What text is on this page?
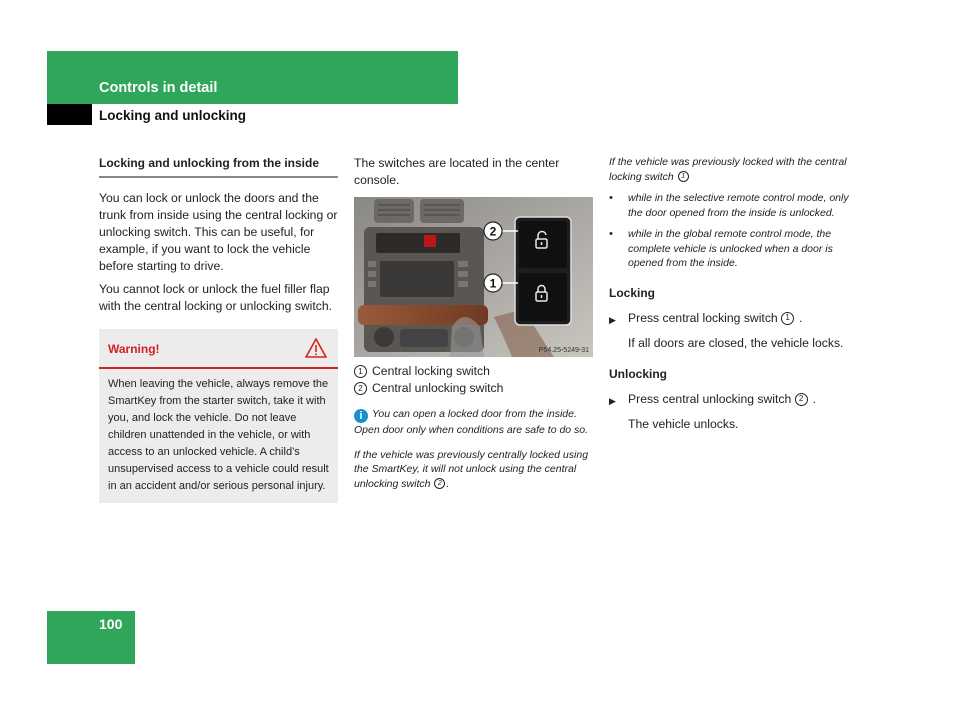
Controls in detail
Locking and unlocking
Locking and unlocking from the inside

You can lock or unlock the doors and the trunk from inside using the central locking or unlocking switch. This can be useful, for example, if you want to lock the vehicle before starting to drive.

You cannot lock or unlock the fuel filler flap with the central locking or unlocking switch.

Warning!
When leaving the vehicle, always remove the SmartKey from the starter switch, take it with you, and lock the vehicle. Do not leave children unattended in the vehicle, or with access to an unlocked vehicle. A child’s unsupervised access to a vehicle could result in an accident and/or serious personal injury.

The switches are located in the center console.

2
1
P54.25-5249-31
1 Central locking switch
2 Central unlocking switch

i You can open a locked door from the inside. Open door only when conditions are safe to do so.

If the vehicle was previously centrally locked using the SmartKey, it will not unlock using the central unlocking switch 2 .

If the vehicle was previously locked with the central locking switch 1

•	while in the selective remote control mode, only the door opened from the inside is unlocked.
•	while in the global remote control mode, the complete vehicle is unlocked when a door is opened from the inside.
Locking
▶ Press central locking switch 1 .

If all doors are closed, the vehicle locks.

Unlocking
▶ Press central unlocking switch 2 .

The vehicle unlocks.

100
